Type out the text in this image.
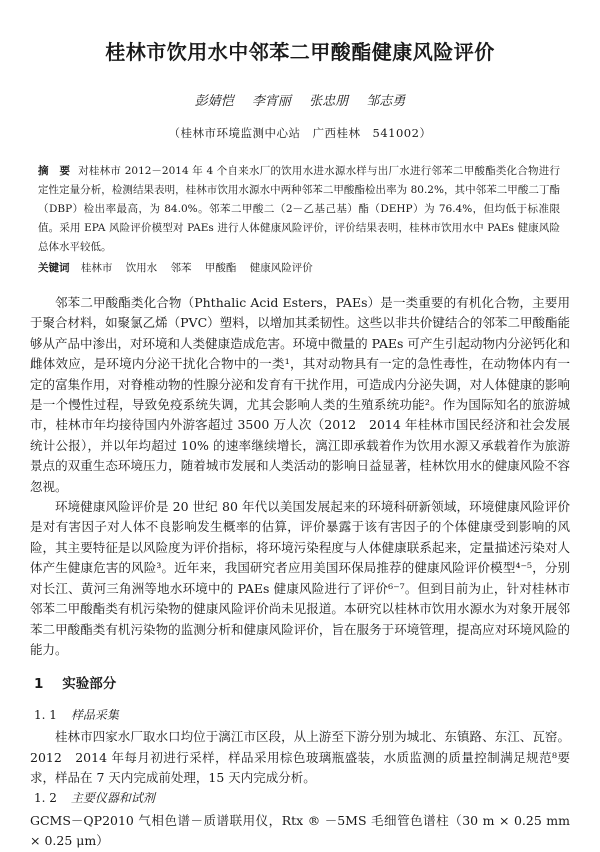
桂林市饮用水中邻苯二甲酸酯健康风险评价
彭婧恺 李宵丽 张忠朋 邹志勇
（桂林市环境监测中心站　广西桂林　541002）
摘　要 对桂林市 2012－2014 年 4 个自来水厂的饮用水进水源水样与出厂水进行邻苯二甲酸酯类化合物进行定性定量分析，检测结果表明，桂林市饮用水源水中两种邻苯二甲酸酯检出率为 80.2%，其中邻苯二甲酸二丁酯（DBP）检出率最高，为 84.0%。邻苯二甲酸二（2－乙基己基）酯（DEHP）为 76.4%，但均低于标准限值。采用 EPA 风险评价模型对 PAEs 进行人体健康风险评价，评价结果表明，桂林市饮用水中 PAEs 健康风险总体水平较低。
关键词 桂林市 饮用水 邻苯 甲酸酯 健康风险评价

邻苯二甲酸酯类化合物（Phthalic Acid Esters，PAEs）是一类重要的有机化合物，主要用于聚合材料，如聚氯乙烯（PVC）塑料，以增加其柔韧性。这些以非共价键结合的邻苯二甲酸酯能够从产品中渗出，对环境和人类健康造成危害。环境中微量的 PAEs 可产生引起动物内分泌钙化和雌体效应，是环境内分泌干扰化合物中的一类¹，其对动物具有一定的急性毒性，在动物体内有一定的富集作用，对脊椎动物的性腺分泌和发育有干扰作用，可造成内分泌失调，对人体健康的影响是一个慢性过程，导致免疫系统失调，尤其会影响人类的生殖系统功能²。作为国际知名的旅游城市，桂林市年均接待国内外游客超过 3500 万人次（2012　2014 年桂林市国民经济和社会发展统计公报），并以年均超过 10% 的速率继续增长，漓江即承载着作为饮用水源又承载着作为旅游景点的双重生态环境压力，随着城市发展和人类活动的影响日益显著，桂林饮用水的健康风险不容忽视。

环境健康风险评价是 20 世纪 80 年代以美国发展起来的环境科研新领域，环境健康风险评价是对有害因子对人体不良影响发生概率的估算，评价暴露于该有害因子的个体健康受到影响的风险，其主要特征是以风险度为评价指标，将环境污染程度与人体健康联系起来，定量描述污染对人体产生健康危害的风险³。近年来，我国研究者应用美国环保局推荐的健康风险评价模型⁴⁻⁵，分别对长江、黄河三角洲等地水环境中的 PAEs 健康风险进行了评价⁶⁻⁷。但到目前为止，针对桂林市邻苯二甲酸酯类有机污染物的健康风险评价尚未见报道。本研究以桂林市饮用水源水为对象开展邻苯二甲酸酯类有机污染物的监测分析和健康风险评价，旨在服务于环境管理，提高应对环境风险的能力。

1 实验部分
1. 1 样品采集

桂林市四家水厂取水口均位于漓江市区段，从上游至下游分别为城北、东镇路、东江、瓦窑。2012　2014 年每月初进行采样，样品采用棕色玻璃瓶盛装，水质监测的质量控制满足规范⁸要求，样品在 7 天内完成前处理，15 天内完成分析。

1. 2 主要仪器和试剂

GCMS－QP2010 气相色谱－质谱联用仪，Rtx ® －5MS 毛细管色谱柱（30 m × 0.25 mm × 0.25 μm）
